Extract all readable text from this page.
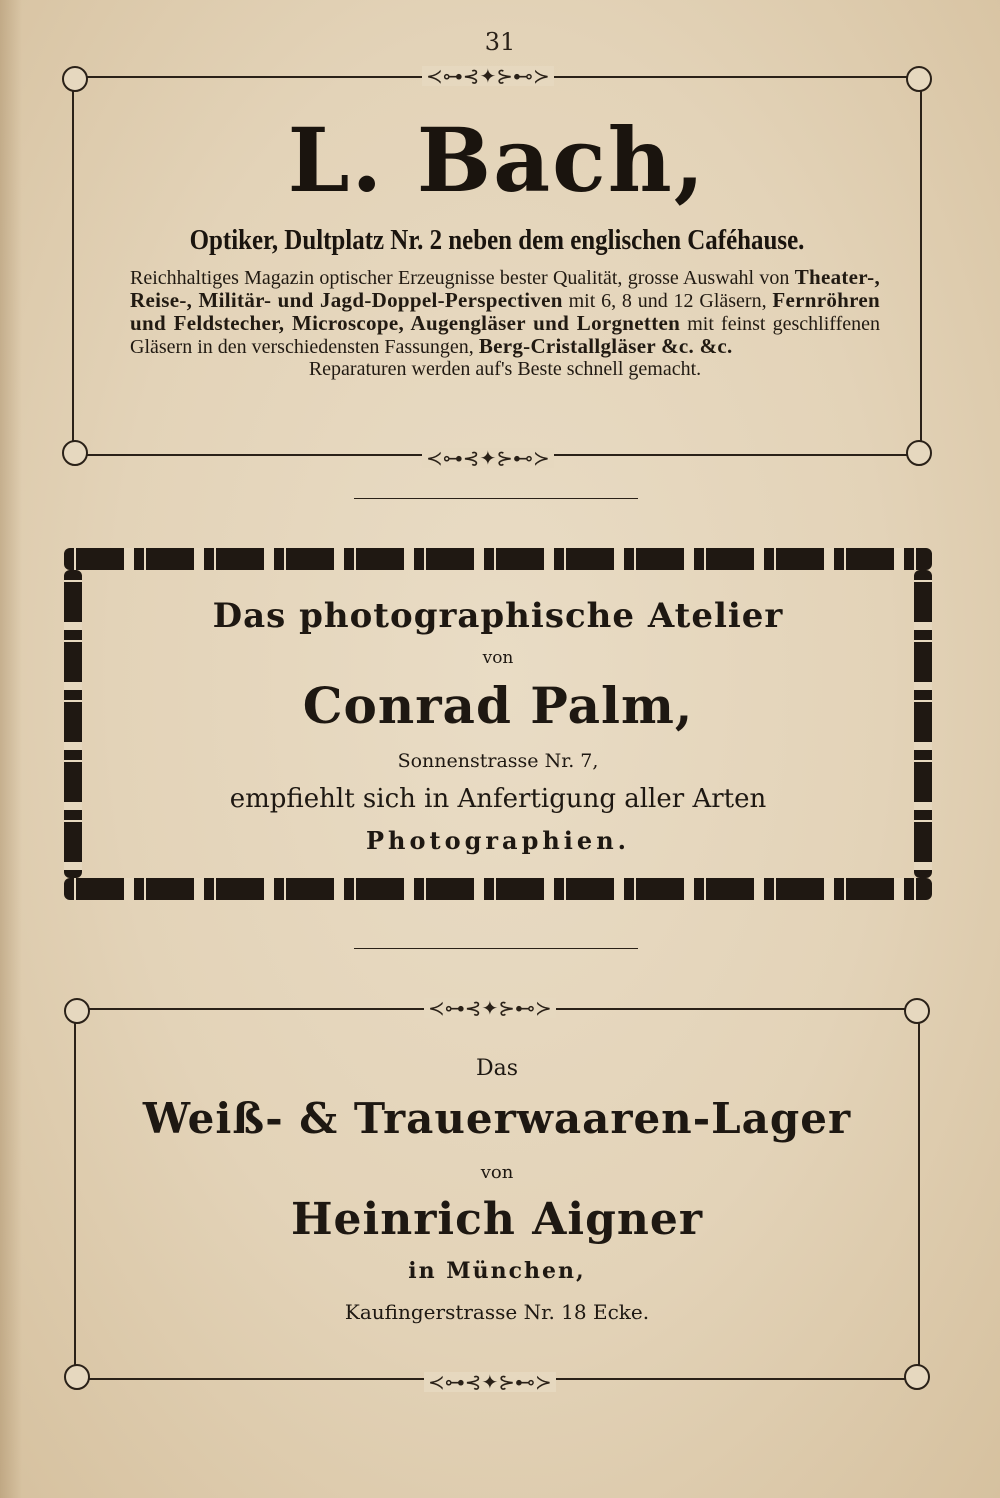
31
≺⊶⊰✦⊱⊷≻
≺⊶⊰✦⊱⊷≻
L. Bach,
Optiker, Dultplatz Nr. 2 neben dem englischen Caféhause.
Reichhaltiges Magazin optischer Erzeugnisse bester Qualität, grosse Auswahl von Theater-, Reise-, Militär- und Jagd-Doppel-Perspectiven mit 6, 8 und 12 Gläsern, Fernröhren und Feldstecher, Microscope, Augengläser und Lorgnetten mit feinst geschliffenen Gläsern in den verschiedensten Fassungen, Berg-Cristallgläser &c. &c.
Reparaturen werden auf's Beste schnell gemacht.
Das photographische Atelier
von
Conrad Palm,
Sonnenstrasse Nr. 7,
empfiehlt sich in Anfertigung aller Arten
Photographien.
≺⊶⊰✦⊱⊷≻
≺⊶⊰✦⊱⊷≻
Das
Weiß- & Trauerwaaren-Lager
von
Heinrich Aigner
in München,
Kaufingerstrasse Nr. 18 Ecke.
